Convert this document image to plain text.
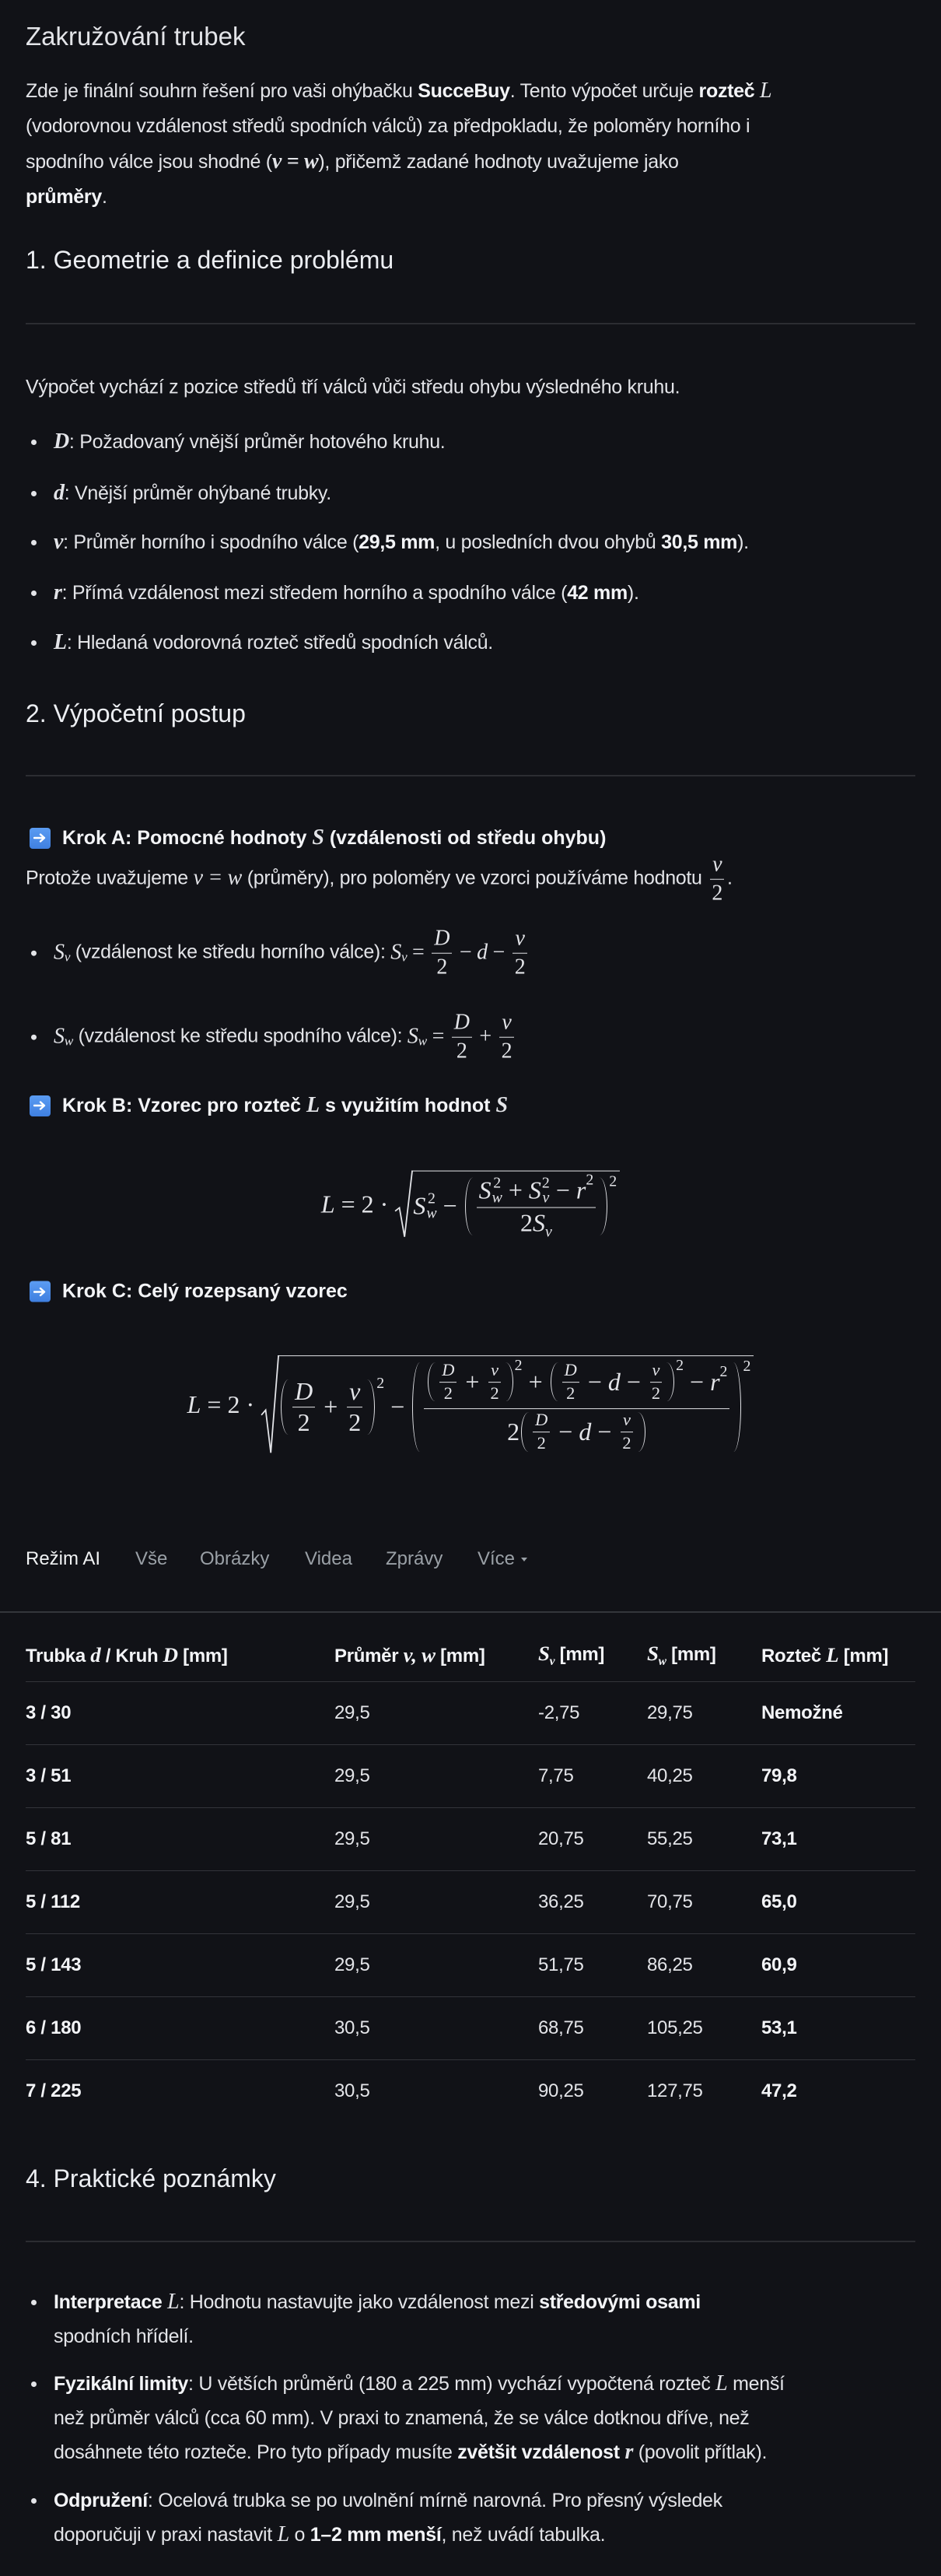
Zakružování trubek
Zde je finální souhrn řešení pro vaši ohýbačku SucceBuy. Tento výpočet určuje rozteč L
(vodorovnou vzdálenost středů spodních válců) za předpokladu, že poloměry horního i
spodního válce jsou shodné (v = w), přičemž zadané hodnoty uvažujeme jako
průměry.
1. Geometrie a definice problému
Výpočet vychází z pozice středů tří válců vůči středu ohybu výsledného kruhu.
D: Požadovaný vnější průměr hotového kruhu.
d: Vnější průměr ohýbané trubky.
v: Průměr horního i spodního válce (29,5 mm, u posledních dvou ohybů 30,5 mm).
r: Přímá vzdálenost mezi středem horního a spodního válce (42 mm).
L: Hledaná vodorovná rozteč středů spodních válců.
2. Výpočetní postup
Krok A: Pomocné hodnoty S (vzdálenosti od středu ohybu)
Protože uvažujeme v = w (průměry), pro poloměry ve vzorci používáme hodnotu $\frac{v}{2}$ .
S v (vzdálenost ke středu horního válce): S $v = \frac{D}{2} - d - \frac{v}{2}$
S w (vzdálenost ke středu spodního válce): S $w = \frac{D}{2} + \frac{v}{2}$
Krok B: Vzorec pro rozteč L s využitím hodnot S
L = 2 · S 2
w − S 2
w + S 2
v − r 2
2 S v 2
Krok C: Celý rozepsaný vzorec
$L = 2 \cdot \frac{D}{2} + \frac{v}{2} 2$
− $\frac{D}{2} + \frac{v}{2} 2$
+ $\frac{D}{2} - d - \frac{v}{2} 2$
− r 2
$2 \frac{D}{2} - d - \frac{v}{2} 2$
Režim AI Vše Obrázky Videa Zprávy Více
Trubka d / Kruh D [mm]	Průměr v, w [mm]	$S_v$ [mm]	$S_w$ [mm]	Rozteč L [mm]
3 / 30	29,5	-2,75	29,75	Nemožné
3 / 51	29,5	7,75	40,25	79,8
5 / 81	29,5	20,75	55,25	73,1
5 / 112	29,5	36,25	70,75	65,0
5 / 143	29,5	51,75	86,25	60,9
6 / 180	30,5	68,75	105,25	53,1
7 / 225	30,5	90,25	127,75	47,2
4. Praktické poznámky
Interpretace L: Hodnotu nastavujte jako vzdálenost mezi středovými osami
spodních hřídelí.
Fyzikální limity: U větších průměrů (180 a 225 mm) vychází vypočtená rozteč L menší
než průměr válců (cca 60 mm). V praxi to znamená, že se válce dotknou dříve, než
dosáhnete této rozteče. Pro tyto případy musíte zvětšit vzdálenost r (povolit přítlak).
Odpružení: Ocelová trubka se po uvolnění mírně narovná. Pro přesný výsledek
doporučuji v praxi nastavit L o 1–2 mm menší, než uvádí tabulka.
